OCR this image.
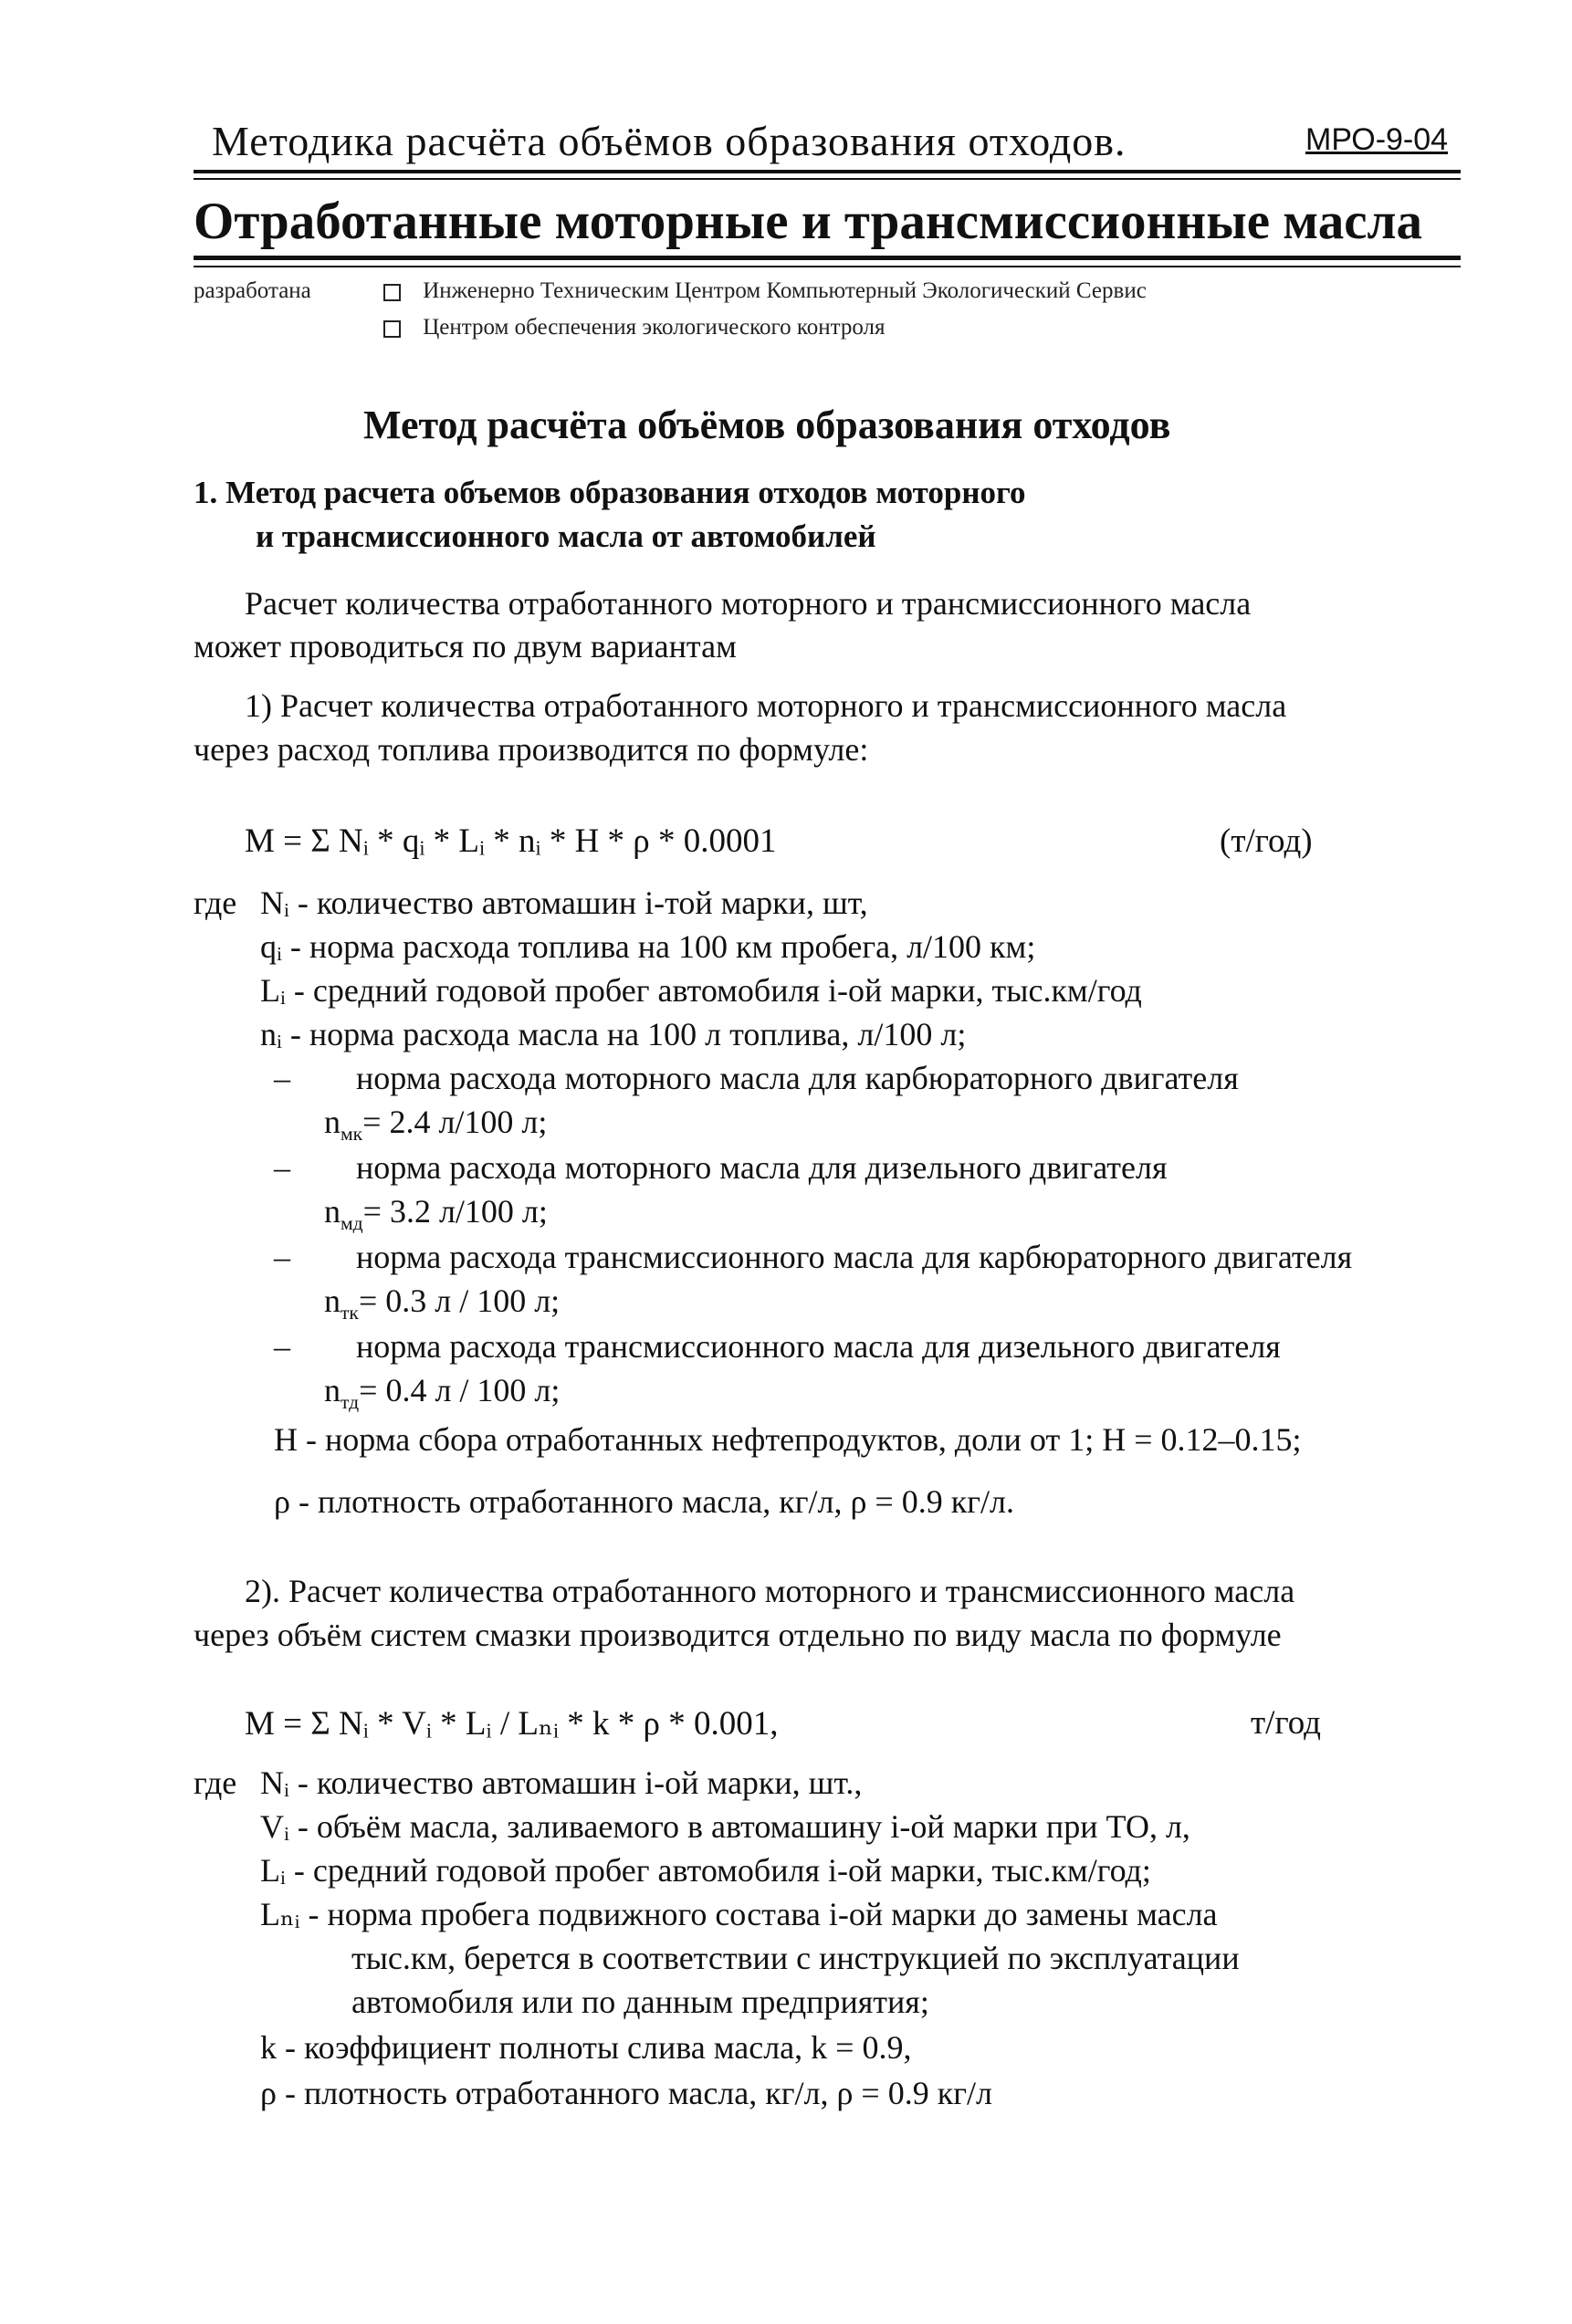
Методика расчёта объёмов образования отходов.	МРО-9-04
Отработанные моторные и трансмиссионные масла
разработана	Инженерно Техническим Центром Компьютерный Экологический Сервис
Центром обеспечения экологического контроля
Метод расчёта объёмов образования отходов
1. Метод расчета объемов образования отходов моторного
и трансмиссионного масла от автомобилей
Расчет количества отработанного моторного и трансмиссионного масла
может проводиться по двум вариантам
1) Расчет количества отработанного моторного и трансмиссионного масла
через расход топлива производится по формуле:
M = Σ Nᵢ * qᵢ * Lᵢ * nᵢ * H * ρ * 0.0001	(т/год)
где Nᵢ - количество автомашин i-той марки, шт,
qᵢ - норма расхода топлива на 100 км пробега, л/100 км;
Lᵢ - средний годовой пробег автомобиля i-ой марки, тыс.км/год
nᵢ - норма расхода масла на 100 л топлива, л/100 л;
– норма расхода моторного масла для карбюраторного двигателя
$n_{мк}= 2.4$ л/100 л;
– норма расхода моторного масла для дизельного двигателя
$n_{мд}= 3.2$ л/100 л;
– норма расхода трансмиссионного масла для карбюраторного двигателя
$n_{тк}= 0.3$ л / 100 л;
– норма расхода трансмиссионного масла для дизельного двигателя
$n_{тд}= 0.4$ л / 100 л;
H - норма сбора отработанных нефтепродуктов, доли от 1; H = 0.12–0.15;
ρ - плотность отработанного масла, кг/л, ρ = 0.9 кг/л.
2). Расчет количества отработанного моторного и трансмиссионного масла
через объём систем смазки производится отдельно по виду масла по формуле
M = Σ Nᵢ * Vᵢ * Lᵢ / Lₙᵢ * k * ρ * 0.001,	т/год
где Nᵢ - количество автомашин i-ой марки, шт.,
Vᵢ - объём масла, заливаемого в автомашину i-ой марки при ТО, л,
Lᵢ - средний годовой пробег автомобиля i-ой марки, тыс.км/год;
Lₙᵢ - норма пробега подвижного состава i-ой марки до замены масла
тыс.км, берется в соответствии с инструкцией по эксплуатации
автомобиля или по данным предприятия;
k - коэффициент полноты слива масла, k = 0.9,
ρ - плотность отработанного масла, кг/л, ρ = 0.9 кг/л
